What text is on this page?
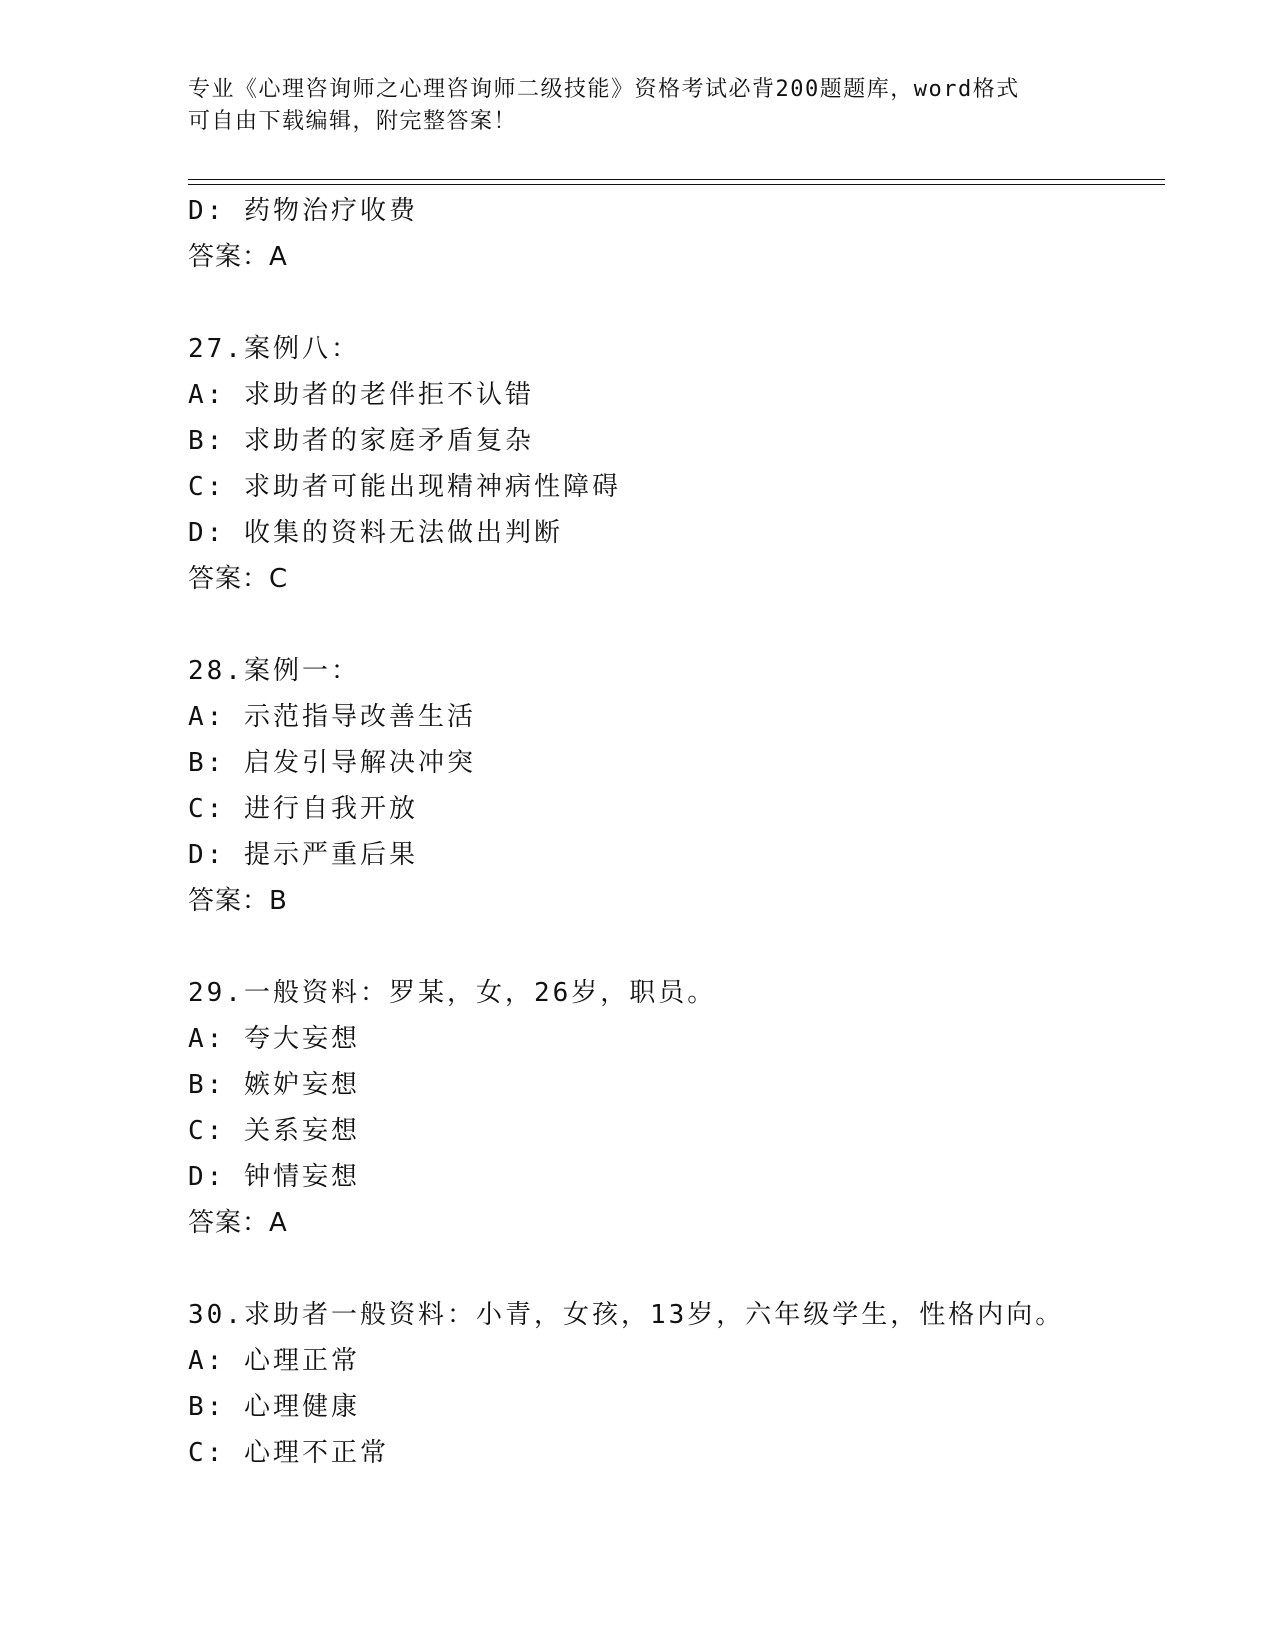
专业《心理咨询师之心理咨询师二级技能》资格考试必背200题题库，word格式
可自由下载编辑，附完整答案！
D: 药物治疗收费
答案：A
27.案例八：
A: 求助者的老伴拒不认错
B: 求助者的家庭矛盾复杂
C: 求助者可能出现精神病性障碍
D: 收集的资料无法做出判断
答案：C
28.案例一：
A: 示范指导改善生活
B: 启发引导解决冲突
C: 进行自我开放
D: 提示严重后果
答案：B
29.一般资料：罗某，女，26岁，职员。
A: 夸大妄想
B: 嫉妒妄想
C: 关系妄想
D: 钟情妄想
答案：A
30.求助者一般资料：小青，女孩，13岁，六年级学生，性格内向。
A: 心理正常
B: 心理健康
C: 心理不正常
